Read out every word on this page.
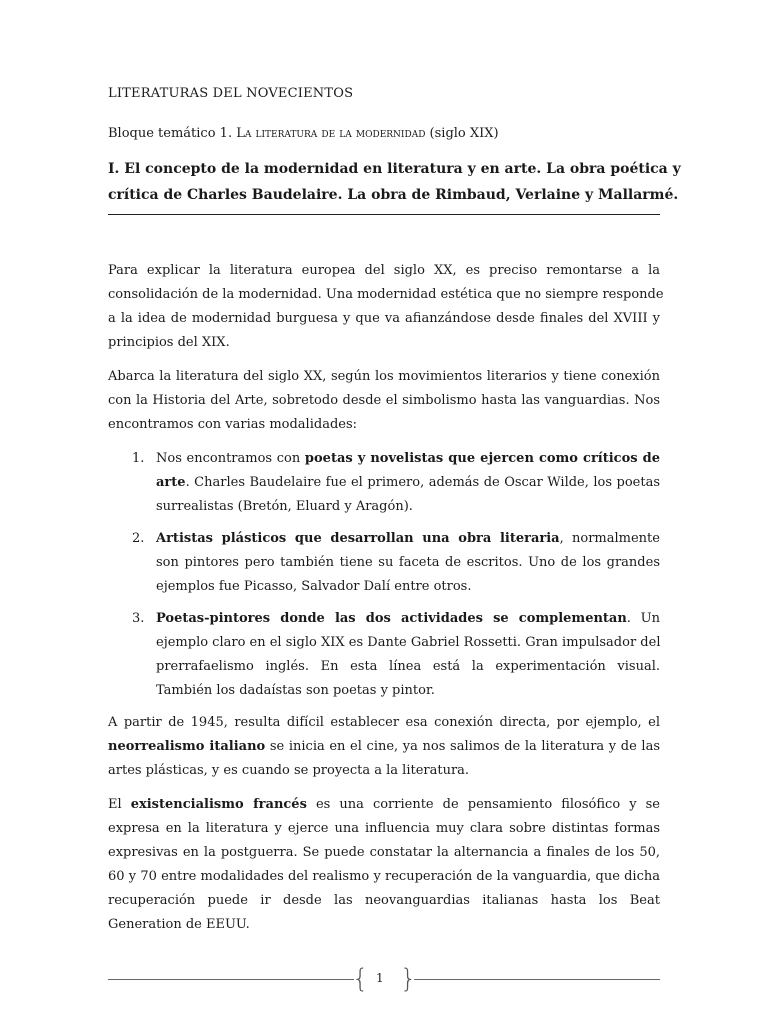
LITERATURAS DEL NOVECIENTOS
Bloque temático 1. La literatura de la modernidad (siglo XIX)
I. El concepto de la modernidad en literatura y en arte. La obra poética y
crítica de Charles Baudelaire. La obra de Rimbaud, Verlaine y Mallarmé.
Para explicar la literatura europea del siglo XX, es preciso remontarse a la
consolidación de la modernidad. Una modernidad estética que no siempre responde
a la idea de modernidad burguesa y que va afianzándose desde finales del XVIII y
principios del XIX.
Abarca la literatura del siglo XX, según los movimientos literarios y tiene conexión
con la Historia del Arte, sobretodo desde el simbolismo hasta las vanguardias. Nos
encontramos con varias modalidades:
1. Nos encontramos con poetas y novelistas que ejercen como críticos de
arte. Charles Baudelaire fue el primero, además de Oscar Wilde, los poetas
surrealistas (Bretón, Eluard y Aragón).
2. Artistas plásticos que desarrollan una obra literaria, normalmente
son pintores pero también tiene su faceta de escritos. Uno de los grandes
ejemplos fue Picasso, Salvador Dalí entre otros.
3. Poetas-pintores donde las dos actividades se complementan. Un
ejemplo claro en el siglo XIX es Dante Gabriel Rossetti. Gran impulsador del
prerrafaelismo inglés. En esta línea está la experimentación visual.
También los dadaístas son poetas y pintor.
A partir de 1945, resulta difícil establecer esa conexión directa, por ejemplo, el
neorrealismo italiano se inicia en el cine, ya nos salimos de la literatura y de las
artes plásticas, y es cuando se proyecta a la literatura.
El existencialismo francés es una corriente de pensamiento filosófico y se
expresa en la literatura y ejerce una influencia muy clara sobre distintas formas
expresivas en la postguerra. Se puede constatar la alternancia a finales de los 50,
60 y 70 entre modalidades del realismo y recuperación de la vanguardia, que dicha
recuperación puede ir desde las neovanguardias italianas hasta los Beat
Generation de EEUU.
{ 1 }
